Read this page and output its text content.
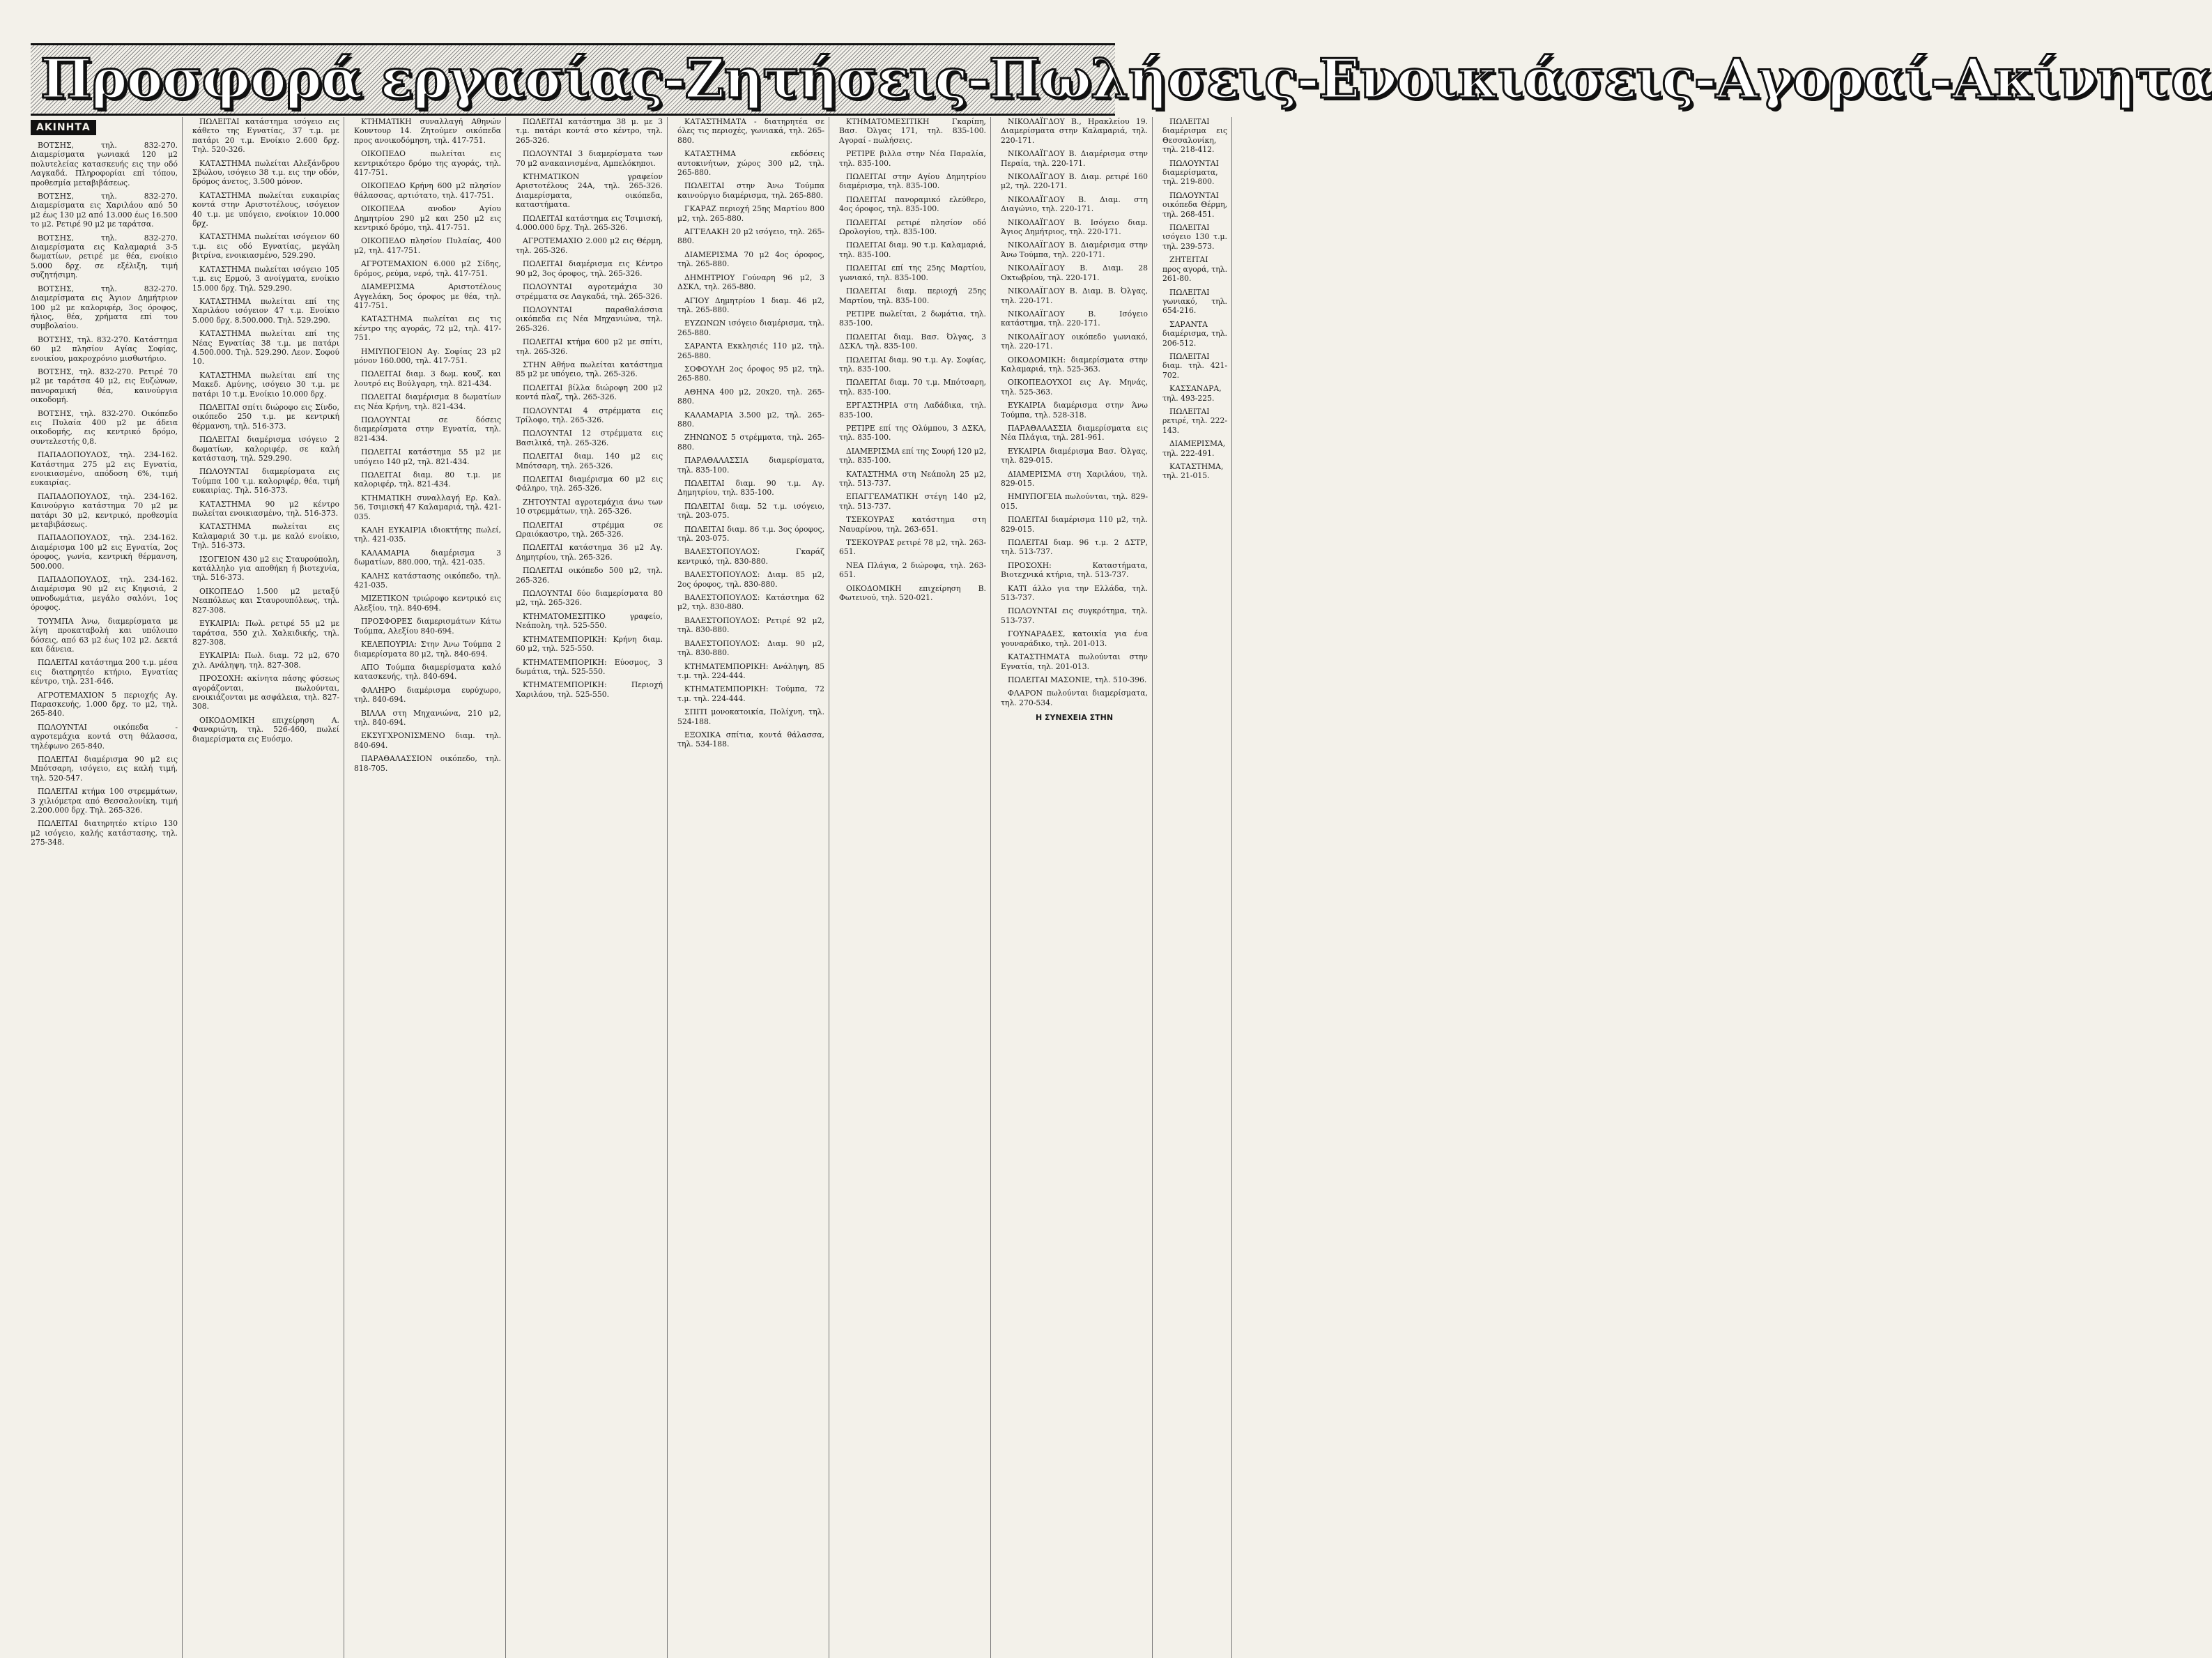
Προσφορά εργασίας-Ζητήσεις-Πωλήσεις-Ενοικιάσεις-Αγοραί-Ακίνητα
ΑΚΙΝΗΤΑ

ΒΟΤΣΗΣ, τηλ. 832-270. Διαμερίσματα γωνιακά 120 μ2 πολυτελείας κατασκευής εις την οδό Λαγκαδά. Πληροφορίαι επί τόπου, προθεσμία μεταβιβάσεως.

ΒΟΤΣΗΣ, τηλ. 832-270. Διαμερίσματα εις Χαριλάου από 50 μ2 έως 130 μ2 από 13.000 έως 16.500 το μ2. Ρετιρέ 90 μ2 με ταράτσα.

ΒΟΤΣΗΣ, τηλ. 832-270. Διαμερίσματα εις Καλαμαριά 3-5 δωματίων, ρετιρέ με θέα, ενοίκιο 5.000 δρχ. σε εξέλιξη, τιμή συζητήσιμη.

ΒΟΤΣΗΣ, τηλ. 832-270. Διαμερίσματα εις Άγιον Δημήτριον 100 μ2 με καλοριφέρ, 3ος όροφος, ήλιος, θέα, χρήματα επί του συμβολαίου.

ΒΟΤΣΗΣ, τηλ. 832-270. Κατάστημα 60 μ2 πλησίον Αγίας Σοφίας, ενοικίου, μακροχρόνιο μισθωτήριο.

ΒΟΤΣΗΣ, τηλ. 832-270. Ρετιρέ 70 μ2 με ταράτσα 40 μ2, εις Ευζώνων, πανοραμική θέα, καινούργια οικοδομή.

ΒΟΤΣΗΣ, τηλ. 832-270. Οικόπεδο εις Πυλαία 400 μ2 με άδεια οικοδομής, εις κεντρικό δρόμο, συντελεστής 0,8.

ΠΑΠΑΔΟΠΟΥΛΟΣ, τηλ. 234-162. Κατάστημα 275 μ2 εις Εγνατία, ενοικιασμένο, απόδοση 6%, τιμή ευκαιρίας.

ΠΑΠΑΔΟΠΟΥΛΟΣ, τηλ. 234-162. Καινούργιο κατάστημα 70 μ2 με πατάρι 30 μ2, κεντρικό, προθεσμία μεταβιβάσεως.

ΠΑΠΑΔΟΠΟΥΛΟΣ, τηλ. 234-162. Διαμέρισμα 100 μ2 εις Εγνατία, 2ος όροφος, γωνία, κεντρική θέρμανση, 500.000.

ΠΑΠΑΔΟΠΟΥΛΟΣ, τηλ. 234-162. Διαμέρισμα 90 μ2 εις Κηφισιά, 2 υπνοδωμάτια, μεγάλο σαλόνι, 1ος όροφος.

ΤΟΥΜΠΑ Άνω, διαμερίσματα με λίγη προκαταβολή και υπόλοιπο δόσεις, από 63 μ2 έως 102 μ2. Δεκτά και δάνεια.

ΠΩΛΕΙΤΑΙ κατάστημα 200 τ.μ. μέσα εις διατηρητέο κτήριο, Εγνατίας κέντρο, τηλ. 231-646.

ΑΓΡΟΤΕΜΑΧΙΟΝ 5 περιοχής Αγ. Παρασκευής, 1.000 δρχ. το μ2, τηλ. 265-840.

ΠΩΛΟΥΝΤΑΙ οικόπεδα - αγροτεμάχια κοντά στη θάλασσα, τηλέφωνο 265-840.

ΠΩΛΕΙΤΑΙ διαμέρισμα 90 μ2 εις Μπότσαρη, ισόγειο, εις καλή τιμή, τηλ. 520-547.

ΠΩΛΕΙΤΑΙ κτήμα 100 στρεμμάτων, 3 χιλιόμετρα από Θεσσαλονίκη, τιμή 2.200.000 δρχ. Τηλ. 265-326.

ΠΩΛΕΙΤΑΙ διατηρητέο κτίριο 130 μ2 ισόγειο, καλής κατάστασης, τηλ. 275-348.

ΠΩΛΕΙΤΑΙ κατάστημα ισόγειο εις κάθετο της Εγνατίας, 37 τ.μ. με πατάρι 20 τ.μ. Ενοίκιο 2.600 δρχ. Τηλ. 520-326.

ΚΑΤΑΣΤΗΜΑ πωλείται Αλεξάνδρου Σβώλου, ισόγειο 38 τ.μ. εις την οδόν, δρόμος άνετος, 3.500 μόνον.

ΚΑΤΑΣΤΗΜΑ πωλείται ευκαιρίας κοντά στην Αριστοτέλους, ισόγειον 40 τ.μ. με υπόγειο, ενοίκιον 10.000 δρχ.

ΚΑΤΑΣΤΗΜΑ πωλείται ισόγειον 60 τ.μ. εις οδό Εγνατίας, μεγάλη βιτρίνα, ενοικιασμένο, 529.290.

ΚΑΤΑΣΤΗΜΑ πωλείται ισόγειο 105 τ.μ. εις Ερμού, 3 ανοίγματα, ενοίκιο 15.000 δρχ. Τηλ. 529.290.

ΚΑΤΑΣΤΗΜΑ πωλείται επί της Χαριλάου ισόγειον 47 τ.μ. Ενοίκιο 5.000 δρχ. 8.500.000. Τηλ. 529.290.

ΚΑΤΑΣΤΗΜΑ πωλείται επί της Νέας Εγνατίας 38 τ.μ. με πατάρι 4.500.000. Τηλ. 529.290. Λεον. Σοφού 10.

ΚΑΤΑΣΤΗΜΑ πωλείται επί της Μακεδ. Αμύνης, ισόγειο 30 τ.μ. με πατάρι 10 τ.μ. Ενοίκιο 10.000 δρχ.

ΠΩΛΕΙΤΑΙ σπίτι διώροφο εις Σίνδο, οικόπεδο 250 τ.μ. με κεντρική θέρμανση, τηλ. 516-373.

ΠΩΛΕΙΤΑΙ διαμέρισμα ισόγειο 2 δωματίων, καλοριφέρ, σε καλή κατάσταση, τηλ. 529.290.

ΠΩΛΟΥΝΤΑΙ διαμερίσματα εις Τούμπα 100 τ.μ. καλοριφέρ, θέα, τιμή ευκαιρίας. Τηλ. 516-373.

ΚΑΤΑΣΤΗΜΑ 90 μ2 κέντρο πωλείται ενοικιασμένο, τηλ. 516-373.

ΚΑΤΑΣΤΗΜΑ πωλείται εις Καλαμαριά 30 τ.μ. με καλό ενοίκιο, Τηλ. 516-373.

ΙΣΟΓΕΙΟΝ 430 μ2 εις Σταυρούπολη, κατάλληλο για αποθήκη ή βιοτεχνία, τηλ. 516-373.

ΟΙΚΟΠΕΔΟ 1.500 μ2 μεταξύ Νεαπόλεως και Σταυρουπόλεως, τηλ. 827-308.

ΕΥΚΑΙΡΙΑ: Πωλ. ρετιρέ 55 μ2 με ταράτσα, 550 χιλ. Χαλκιδικής, τηλ. 827-308.

ΕΥΚΑΙΡΙΑ: Πωλ. διαμ. 72 μ2, 670 χιλ. Ανάληψη, τηλ. 827-308.

ΠΡΟΣΟΧΗ: ακίνητα πάσης φύσεως αγοράζονται, πωλούνται, ενοικιάζονται με ασφάλεια, τηλ. 827-308.

ΟΙΚΟΔΟΜΙΚΗ επιχείρηση Α. Φαναριώτη, τηλ. 526-460, πωλεί διαμερίσματα εις Ευόσμο.

ΚΤΗΜΑΤΙΚΗ συναλλαγή Αθηνών Κουντουρ 14. Ζητούμεν οικόπεδα προς ανοικοδόμηση, τηλ. 417-751.

ΟΙΚΟΠΕΔΟ πωλείται εις κεντρικότερο δρόμο της αγοράς, τηλ. 417-751.

ΟΙΚΟΠΕΔΟ Κρήνη 600 μ2 πλησίον θάλασσας, αρτιότατο, τηλ. 417-751.

ΟΙΚΟΠΕΔΑ ανοδον Αγίου Δημητρίου 290 μ2 και 250 μ2 εις κεντρικό δρόμο, τηλ. 417-751.

ΟΙΚΟΠΕΔΟ πλησίον Πυλαίας, 400 μ2, τηλ. 417-751.

ΑΓΡΟΤΕΜΑΧΙΟΝ 6.000 μ2 Σίδης, δρόμος, ρεύμα, νερό, τηλ. 417-751.

ΔΙΑΜΕΡΙΣΜΑ Αριστοτέλους Αγγελάκη, 5ος όροφος με θέα, τηλ. 417-751.

ΚΑΤΑΣΤΗΜΑ πωλείται εις τις κέντρο της αγοράς, 72 μ2, τηλ. 417-751.

ΗΜΙΥΠΟΓΕΙΟΝ Αγ. Σοφίας 23 μ2 μόνον 160.000, τηλ. 417-751.

ΠΩΛΕΙΤΑΙ διαμ. 3 δωμ. κουζ. και λουτρό εις Βούλγαρη, τηλ. 821-434.

ΠΩΛΕΙΤΑΙ διαμέρισμα 8 δωματίων εις Νέα Κρήνη, τηλ. 821-434.

ΠΩΛΟΥΝΤΑΙ σε δόσεις διαμερίσματα στην Εγνατία, τηλ. 821-434.

ΠΩΛΕΙΤΑΙ κατάστημα 55 μ2 με υπόγειο 140 μ2, τηλ. 821-434.

ΠΩΛΕΙΤΑΙ διαμ. 80 τ.μ. με καλοριφέρ, τηλ. 821-434.

ΚΤΗΜΑΤΙΚΗ συναλλαγή Ερ. Καλ. 56, Τσιμισκή 47 Καλαμαριά, τηλ. 421-035.

ΚΑΛΗ ΕΥΚΑΙΡΙΑ ιδιοκτήτης πωλεί, τηλ. 421-035.

ΚΑΛΑΜΑΡΙΑ διαμέρισμα 3 δωματίων, 880.000, τηλ. 421-035.

ΚΑΛΗΣ κατάστασης οικόπεδο, τηλ. 421-035.

ΜΙΖΕΤΙΚΟΝ τριώροφο κεντρικό εις Αλεξίου, τηλ. 840-694.

ΠΡΟΣΦΟΡΕΣ διαμερισμάτων Κάτω Τούμπα, Αλεξίου 840-694.

ΚΕΛΕΠΟΥΡΙΑ: Στην Άνω Τούμπα 2 διαμερίσματα 80 μ2, τηλ. 840-694.

ΑΠΟ Τούμπα διαμερίσματα καλό κατασκευής, τηλ. 840-694.

ΦΑΛΗΡΟ διαμέρισμα ευρύχωρο, τηλ. 840-694.

ΒΙΛΛΑ στη Μηχανιώνα, 210 μ2, τηλ. 840-694.

ΕΚΣΥΓΧΡΟΝΙΣΜΕΝΟ διαμ. τηλ. 840-694.

ΠΑΡΑΘΑΛΑΣΣΙΟΝ οικόπεδο, τηλ. 818-705.

ΠΩΛΕΙΤΑΙ κατάστημα 38 μ. με 3 τ.μ. πατάρι κοντά στο κέντρο, τηλ. 265-326.

ΠΩΛΟΥΝΤΑΙ 3 διαμερίσματα των 70 μ2 ανακαινισμένα, Αμπελόκηποι.

ΚΤΗΜΑΤΙΚΟΝ γραφείον Αριστοτέλους 24Α, τηλ. 265-326. Διαμερίσματα, οικόπεδα, καταστήματα.

ΠΩΛΕΙΤΑΙ κατάστημα εις Τσιμισκή, 4.000.000 δρχ. Τηλ. 265-326.

ΑΓΡΟΤΕΜΑΧΙΟ 2.000 μ2 εις Θέρμη, τηλ. 265-326.

ΠΩΛΕΙΤΑΙ διαμέρισμα εις Κέντρο 90 μ2, 3ος όροφος, τηλ. 265-326.

ΠΩΛΟΥΝΤΑΙ αγροτεμάχια 30 στρέμματα σε Λαγκαδά, τηλ. 265-326.

ΠΩΛΟΥΝΤΑΙ παραθαλάσσια οικόπεδα εις Νέα Μηχανιώνα, τηλ. 265-326.

ΠΩΛΕΙΤΑΙ κτήμα 600 μ2 με σπίτι, τηλ. 265-326.

ΣΤΗΝ Αθήνα πωλείται κατάστημα 85 μ2 με υπόγειο, τηλ. 265-326.

ΠΩΛΕΙΤΑΙ βίλλα διώροφη 200 μ2 κοντά πλαζ, τηλ. 265-326.

ΠΩΛΟΥΝΤΑΙ 4 στρέμματα εις Τρίλοφο, τηλ. 265-326.

ΠΩΛΟΥΝΤΑΙ 12 στρέμματα εις Βασιλικά, τηλ. 265-326.

ΠΩΛΕΙΤΑΙ διαμ. 140 μ2 εις Μπότσαρη, τηλ. 265-326.

ΠΩΛΕΙΤΑΙ διαμέρισμα 60 μ2 εις Φάληρο, τηλ. 265-326.

ΖΗΤΟΥΝΤΑΙ αγροτεμάχια άνω των 10 στρεμμάτων, τηλ. 265-326.

ΠΩΛΕΙΤΑΙ στρέμμα σε Ωραιόκαστρο, τηλ. 265-326.

ΠΩΛΕΙΤΑΙ κατάστημα 36 μ2 Αγ. Δημητρίου, τηλ. 265-326.

ΠΩΛΕΙΤΑΙ οικόπεδο 500 μ2, τηλ. 265-326.

ΠΩΛΟΥΝΤΑΙ δύο διαμερίσματα 80 μ2, τηλ. 265-326.

ΚΤΗΜΑΤΟΜΕΣΙΤΙΚΟ γραφείο, Νεάπολη, τηλ. 525-550.

ΚΤΗΜΑΤΕΜΠΟΡΙΚΗ: Κρήνη διαμ. 60 μ2, τηλ. 525-550.

ΚΤΗΜΑΤΕΜΠΟΡΙΚΗ: Εύοσμος, 3 δωμάτια, τηλ. 525-550.

ΚΤΗΜΑΤΕΜΠΟΡΙΚΗ: Περιοχή Χαριλάου, τηλ. 525-550.

ΚΑΤΑΣΤΗΜΑΤΑ - διατηρητέα σε όλες τις περιοχές, γωνιακά, τηλ. 265-880.

ΚΑΤΑΣΤΗΜΑ εκδόσεις αυτοκινήτων, χώρος 300 μ2, τηλ. 265-880.

ΠΩΛΕΙΤΑΙ στην Άνω Τούμπα καινούργιο διαμέρισμα, τηλ. 265-880.

ΓΚΑΡΑΖ περιοχή 25ης Μαρτίου 800 μ2, τηλ. 265-880.

ΑΓΓΕΛΑΚΗ 20 μ2 ισόγειο, τηλ. 265-880.

ΔΙΑΜΕΡΙΣΜΑ 70 μ2 4ος όροφος, τηλ. 265-880.

ΔΗΜΗΤΡΙΟΥ Γούναρη 96 μ2, 3 ΔΣΚΛ, τηλ. 265-880.

ΑΓΙΟΥ Δημητρίου 1 διαμ. 46 μ2, τηλ. 265-880.

ΕΥΖΩΝΩΝ ισόγειο διαμέρισμα, τηλ. 265-880.

ΣΑΡΑΝΤΑ Εκκλησιές 110 μ2, τηλ. 265-880.

ΣΟΦΟΥΛΗ 2ος όροφος 95 μ2, τηλ. 265-880.

ΑΘΗΝΑ 400 μ2, 20x20, τηλ. 265-880.

ΚΑΛΑΜΑΡΙΑ 3.500 μ2, τηλ. 265-880.

ΖΗΝΩΝΟΣ 5 στρέμματα, τηλ. 265-880.

ΠΑΡΑΘΑΛΑΣΣΙΑ διαμερίσματα, τηλ. 835-100.

ΠΩΛΕΙΤΑΙ διαμ. 90 τ.μ. Αγ. Δημητρίου, τηλ. 835-100.

ΠΩΛΕΙΤΑΙ διαμ. 52 τ.μ. ισόγειο, τηλ. 203-075.

ΠΩΛΕΙΤΑΙ διαμ. 86 τ.μ. 3ος όροφος, τηλ. 203-075.

ΒΑΛΕΣΤΟΠΟΥΛΟΣ: Γκαράζ κεντρικό, τηλ. 830-880.

ΒΑΛΕΣΤΟΠΟΥΛΟΣ: Διαμ. 85 μ2, 2ος όροφος, τηλ. 830-880.

ΒΑΛΕΣΤΟΠΟΥΛΟΣ: Κατάστημα 62 μ2, τηλ. 830-880.

ΒΑΛΕΣΤΟΠΟΥΛΟΣ: Ρετιρέ 92 μ2, τηλ. 830-880.

ΒΑΛΕΣΤΟΠΟΥΛΟΣ: Διαμ. 90 μ2, τηλ. 830-880.

ΚΤΗΜΑΤΕΜΠΟΡΙΚΗ: Ανάληψη, 85 τ.μ. τηλ. 224-444.

ΚΤΗΜΑΤΕΜΠΟΡΙΚΗ: Τούμπα, 72 τ.μ. τηλ. 224-444.

ΣΠΙΤΙ μονοκατοικία, Πολίχνη, τηλ. 524-188.

ΕΞΟΧΙΚΑ σπίτια, κοντά θάλασσα, τηλ. 534-188.

ΚΤΗΜΑΤΟΜΕΣΙΤΙΚΗ Γκαρίπη, Βασ. Όλγας 171, τηλ. 835-100. Αγοραί - πωλήσεις.

ΡΕΤΙΡΕ βιλλα στην Νέα Παραλία, τηλ. 835-100.

ΠΩΛΕΙΤΑΙ στην Αγίου Δημητρίου διαμέρισμα, τηλ. 835-100.

ΠΩΛΕΙΤΑΙ πανοραμικό ελεύθερο, 4ος όροφος, τηλ. 835-100.

ΠΩΛΕΙΤΑΙ ρετιρέ πλησίον οδό Ωρολογίου, τηλ. 835-100.

ΠΩΛΕΙΤΑΙ διαμ. 90 τ.μ. Καλαμαριά, τηλ. 835-100.

ΠΩΛΕΙΤΑΙ επί της 25ης Μαρτίου, γωνιακό, τηλ. 835-100.

ΠΩΛΕΙΤΑΙ διαμ. περιοχή 25ης Μαρτίου, τηλ. 835-100.

ΡΕΤΙΡΕ πωλείται, 2 δωμάτια, τηλ. 835-100.

ΠΩΛΕΙΤΑΙ διαμ. Βασ. Όλγας, 3 ΔΣΚΛ, τηλ. 835-100.

ΠΩΛΕΙΤΑΙ διαμ. 90 τ.μ. Αγ. Σοφίας, τηλ. 835-100.

ΠΩΛΕΙΤΑΙ διαμ. 70 τ.μ. Μπότσαρη, τηλ. 835-100.

ΕΡΓΑΣΤΗΡΙΑ στη Λαδάδικα, τηλ. 835-100.

ΡΕΤΙΡΕ επί της Ολύμπου, 3 ΔΣΚΛ, τηλ. 835-100.

ΔΙΑΜΕΡΙΣΜΑ επί της Σουρή 120 μ2, τηλ. 835-100.

ΚΑΤΑΣΤΗΜΑ στη Νεάπολη 25 μ2, τηλ. 513-737.

ΕΠΑΓΓΕΛΜΑΤΙΚΗ στέγη 140 μ2, τηλ. 513-737.

ΤΣΕΚΟΥΡΑΣ κατάστημα στη Ναυαρίνου, τηλ. 263-651.

ΤΣΕΚΟΥΡΑΣ ρετιρέ 78 μ2, τηλ. 263-651.

ΝΕΑ Πλάγια, 2 διώροφα, τηλ. 263-651.

ΟΙΚΟΔΟΜΙΚΗ επιχείρηση Β. Φωτεινού, τηλ. 520-021.

ΝΙΚΟΛΑΪΓΔΟΥ Β., Ηρακλείου 19. Διαμερίσματα στην Καλαμαριά, τηλ. 220-171.

ΝΙΚΟΛΑΪΓΔΟΥ Β. Διαμέρισμα στην Περαία, τηλ. 220-171.

ΝΙΚΟΛΑΪΓΔΟΥ Β. Διαμ. ρετιρέ 160 μ2, τηλ. 220-171.

ΝΙΚΟΛΑΪΓΔΟΥ Β. Διαμ. στη Διαγώνιο, τηλ. 220-171.

ΝΙΚΟΛΑΪΓΔΟΥ Β. Ισόγειο διαμ. Άγιος Δημήτριος, τηλ. 220-171.

ΝΙΚΟΛΑΪΓΔΟΥ Β. Διαμέρισμα στην Άνω Τούμπα, τηλ. 220-171.

ΝΙΚΟΛΑΪΓΔΟΥ Β. Διαμ. 28 Οκτωβρίου, τηλ. 220-171.

ΝΙΚΟΛΑΪΓΔΟΥ Β. Διαμ. Β. Όλγας, τηλ. 220-171.

ΝΙΚΟΛΑΪΓΔΟΥ Β. Ισόγειο κατάστημα, τηλ. 220-171.

ΝΙΚΟΛΑΪΓΔΟΥ οικόπεδο γωνιακό, τηλ. 220-171.

ΟΙΚΟΔΟΜΙΚΗ: διαμερίσματα στην Καλαμαριά, τηλ. 525-363.

ΟΙΚΟΠΕΔΟΥΧΟΙ εις Αγ. Μηνάς, τηλ. 525-363.

ΕΥΚΑΙΡΙΑ διαμέρισμα στην Άνω Τούμπα, τηλ. 528-318.

ΠΑΡΑΘΑΛΑΣΣΙΑ διαμερίσματα εις Νέα Πλάγια, τηλ. 281-961.

ΕΥΚΑΙΡΙΑ διαμέρισμα Βασ. Όλγας, τηλ. 829-015.

ΔΙΑΜΕΡΙΣΜΑ στη Χαριλάου, τηλ. 829-015.

ΗΜΙΥΠΟΓΕΙΑ πωλούνται, τηλ. 829-015.

ΠΩΛΕΙΤΑΙ διαμέρισμα 110 μ2, τηλ. 829-015.

ΠΩΛΕΙΤΑΙ διαμ. 96 τ.μ. 2 ΔΣΤΡ, τηλ. 513-737.

ΠΡΟΣΟΧΗ: Καταστήματα, Βιοτεχνικά κτήρια, τηλ. 513-737.

ΚΑΤΙ άλλο για την Ελλάδα, τηλ. 513-737.

ΠΩΛΟΥΝΤΑΙ εις συγκρότημα, τηλ. 513-737.

ΓΟΥΝΑΡΑΔΕΣ, κατοικία για ένα γουναράδικο, τηλ. 201-013.

ΚΑΤΑΣΤΗΜΑΤΑ πωλούνται στην Εγνατία, τηλ. 201-013.

ΠΩΛΕΙΤΑΙ ΜΑΣΟΝΙΕ, τηλ. 510-396.

ΦΛΑΡΟΝ πωλούνται διαμερίσματα, τηλ. 270-534.

Η ΣΥΝΕΧΕΙΑ ΣΤΗΝ

ΠΩΛΕΙΤΑΙ διαμέρισμα εις Θεσσαλονίκη, τηλ. 218-412.

ΠΩΛΟΥΝΤΑΙ διαμερίσματα, τηλ. 219-800.

ΠΩΛΟΥΝΤΑΙ οικόπεδα Θέρμη, τηλ. 268-451.

ΠΩΛΕΙΤΑΙ ισόγειο 130 τ.μ. τηλ. 239-573.

ΖΗΤΕΙΤΑΙ προς αγορά, τηλ. 261-80.

ΠΩΛΕΙΤΑΙ γωνιακό, τηλ. 654-216.

ΣΑΡΑΝΤΑ διαμέρισμα, τηλ. 206-512.

ΠΩΛΕΙΤΑΙ διαμ. τηλ. 421-702.

ΚΑΣΣΑΝΔΡΑ, τηλ. 493-225.

ΠΩΛΕΙΤΑΙ ρετιρέ, τηλ. 222-143.

ΔΙΑΜΕΡΙΣΜΑ, τηλ. 222-491.

ΚΑΤΑΣΤΗΜΑ, τηλ. 21-015.
